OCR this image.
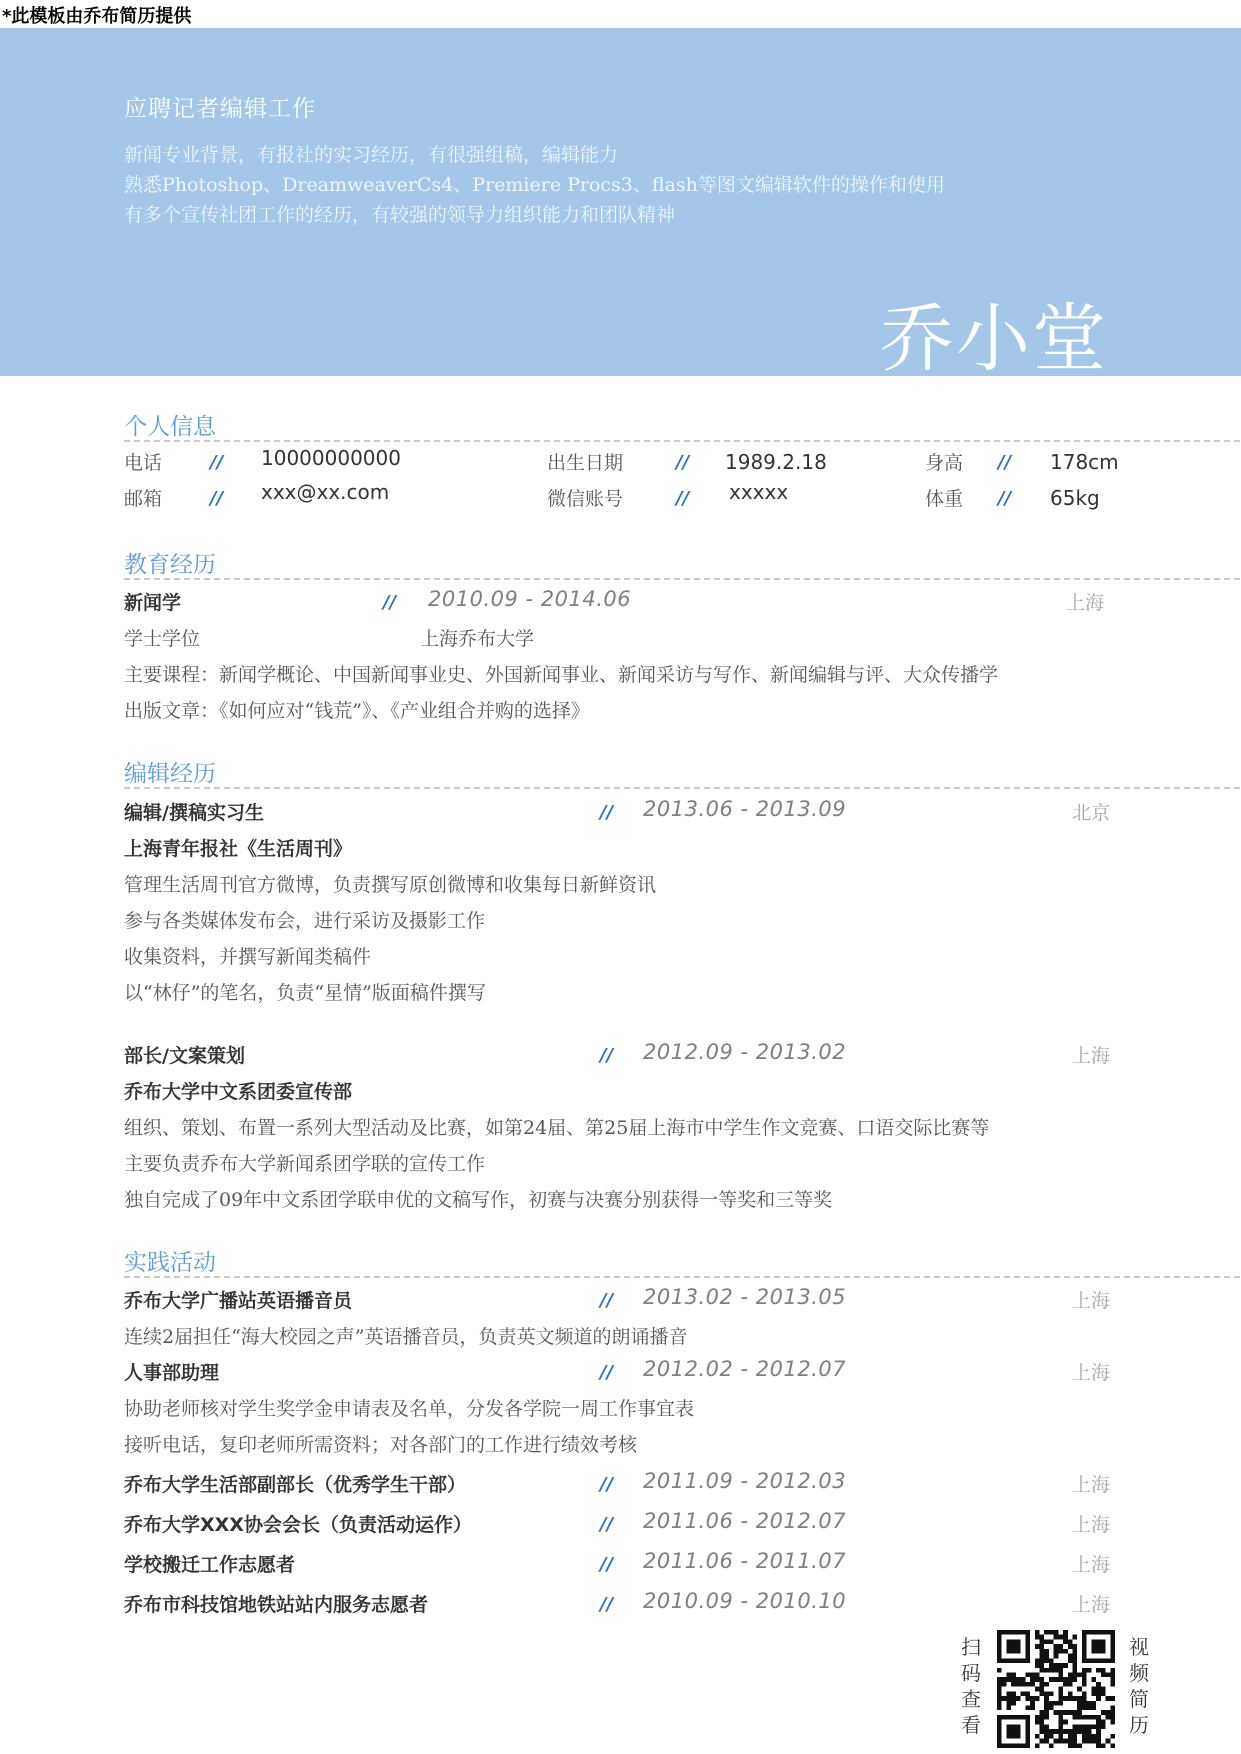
*此模板由乔布简历提供
应聘记者编辑工作
新闻专业背景，有报社的实习经历，有很强组稿，编辑能力
熟悉Photoshop、DreamweaverCs4、Premiere Procs3、flash等图文编辑软件的操作和使用
有多个宣传社团工作的经历，有较强的领导力组织能力和团队精神
乔小堂
个人信息
电话	// 10000000000	出生日期	// 1989.2.18	身高 // 178cm
邮箱	// xxx@xx.com	微信账号	// xxxxx	体重 // 65kg
教育经历
新闻学	// 2010.09 - 2014.06	上海
学士学位	上海乔布大学
主要课程：新闻学概论、中国新闻事业史、外国新闻事业、新闻采访与写作、新闻编辑与评、大众传播学
出版文章：《如何应对“钱荒”》、《产业组合并购的选择》
编辑经历
编辑/撰稿实习生	// 2013.06 - 2013.09	北京
上海青年报社《生活周刊》
管理生活周刊官方微博，负责撰写原创微博和收集每日新鲜资讯
参与各类媒体发布会，进行采访及摄影工作
收集资料，并撰写新闻类稿件
以“林仔”的笔名，负责“星情”版面稿件撰写
部长/文案策划	// 2012.09 - 2013.02	上海
乔布大学中文系团委宣传部
组织、策划、布置一系列大型活动及比赛，如第24届、第25届上海市中学生作文竞赛、口语交际比赛等
主要负责乔布大学新闻系团学联的宣传工作
独自完成了09年中文系团学联申优的文稿写作，初赛与决赛分别获得一等奖和三等奖
实践活动
乔布大学广播站英语播音员	// 2013.02 - 2013.05	上海
连续2届担任“海大校园之声”英语播音员，负责英文频道的朗诵播音
人事部助理	// 2012.02 - 2012.07	上海
协助老师核对学生奖学金申请表及名单，分发各学院一周工作事宜表
接听电话，复印老师所需资料；对各部门的工作进行绩效考核
乔布大学生活部副部长（优秀学生干部）	// 2011.09 - 2012.03	上海
乔布大学XXX协会会长（负责活动运作）	// 2011.06 - 2012.07	上海
学校搬迁工作志愿者	// 2011.06 - 2011.07	上海
乔布市科技馆地铁站站内服务志愿者	// 2010.09 - 2010.10	上海
扫
码
查
看
视
频
简
历
